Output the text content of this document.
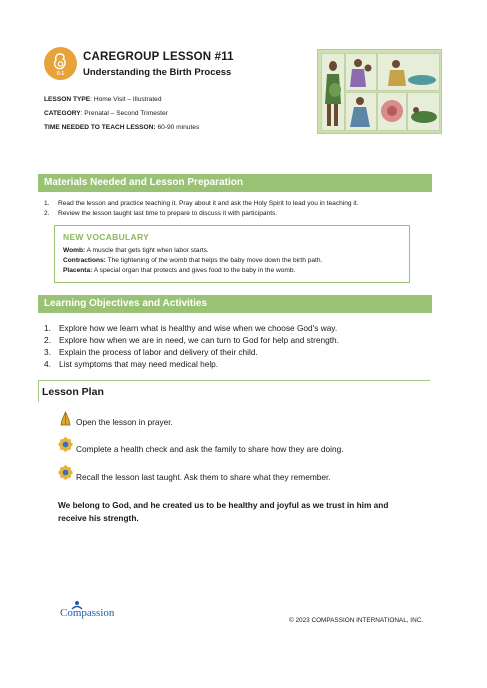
0-1
CAREGROUP LESSON #11
Understanding the Birth Process
LESSON TYPE: Home Visit – Illustrated
CATEGORY: Prenatal – Second Trimester
TIME NEEDED TO TEACH LESSON: 60-90 minutes
Materials Needed and Lesson Preparation
1. Read the lesson and practice teaching it. Pray about it and ask the Holy Spirit to lead you in teaching it.
2. Review the lesson taught last time to prepare to discuss it with participants.
NEW VOCABULARY
Womb: A muscle that gets tight when labor starts.
Contractions: The tightening of the womb that helps the baby move down the birth path.
Placenta: A special organ that protects and gives food to the baby in the womb.
Learning Objectives and Activities
1. Explore how we learn what is healthy and wise when we choose God's way.
2. Explore how when we are in need, we can turn to God for help and strength.
3. Explain the process of labor and delivery of their child.
4. List symptoms that may need medical help.
Lesson Plan
Open the lesson in prayer.
Complete a health check and ask the family to share how they are doing.
Recall the lesson last taught. Ask them to share what they remember.
We belong to God, and he created us to be healthy and joyful as we trust in him and receive his strength.
Compassion
© 2023 COMPASSION INTERNATIONAL, INC.
